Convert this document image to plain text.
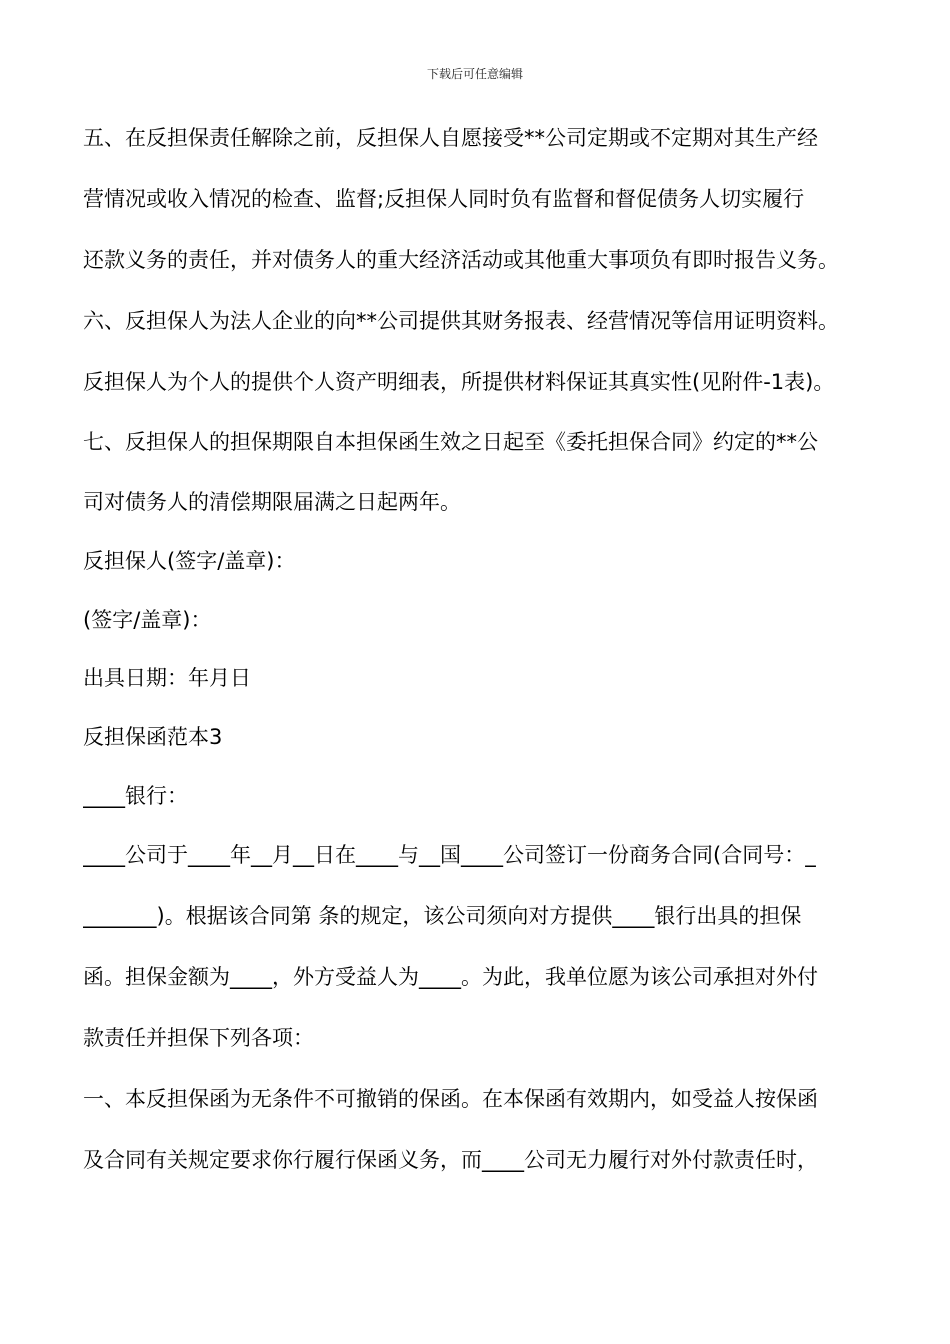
下载后可任意编辑
五、在反担保责任解除之前，反担保人自愿接受**公司定期或不定期对其生产经
营情况或收入情况的检查、监督;反担保人同时负有监督和督促债务人切实履行
还款义务的责任，并对债务人的重大经济活动或其他重大事项负有即时报告义务。
六、反担保人为法人企业的向**公司提供其财务报表、经营情况等信用证明资料。
反担保人为个人的提供个人资产明细表，所提供材料保证其真实性(见附件-1表)。
七、反担保人的担保期限自本担保函生效之日起至《委托担保合同》约定的**公
司对债务人的清偿期限届满之日起两年。
反担保人(签字/盖章)：
(签字/盖章)：
出具日期：年月日
反担保函范本3
____银行：
____公司于____年__月__日在____与__国____公司签订一份商务合同(合同号：_
_______)。根据该合同第 条的规定，该公司须向对方提供____银行出具的担保
函。担保金额为____，外方受益人为____。为此，我单位愿为该公司承担对外付
款责任并担保下列各项：
一、本反担保函为无条件不可撤销的保函。在本保函有效期内，如受益人按保函
及合同有关规定要求你行履行保函义务，而____公司无力履行对外付款责任时，
